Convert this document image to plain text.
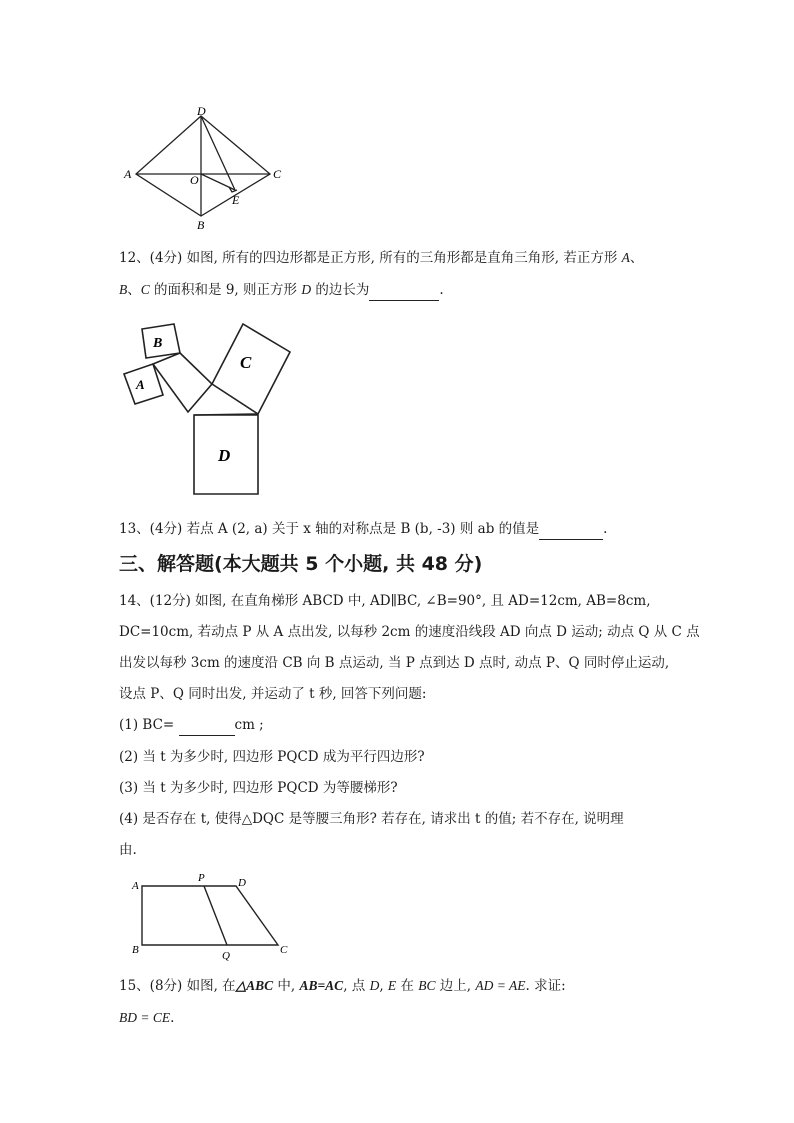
D
A	C
O
E
B
12、(4分) 如图, 所有的四边形都是正方形, 所有的三角形都是直角三角形, 若正方形 A、
B、C 的面积和是 9, 则正方形 D 的边长为	.
B
A
C
D
13、(4分) 若点 A (2, a) 关于 x 轴的对称点是 B (b, -3) 则 ab 的值是	.
三、解答题(本大题共 5 个小题, 共 48 分)
14、(12分) 如图, 在直角梯形 ABCD 中, AD∥BC, ∠B=90°, 且 AD=12cm, AB=8cm,
DC=10cm, 若动点 P 从 A 点出发, 以每秒 2cm 的速度沿线段 AD 向点 D 运动; 动点 Q 从 C 点
出发以每秒 3cm 的速度沿 CB 向 B 点运动, 当 P 点到达 D 点时, 动点 P、Q 同时停止运动,
设点 P、Q 同时出发, 并运动了 t 秒, 回答下列问题:
(1) BC=	cm ;
(2) 当 t 为多少时, 四边形 PQCD 成为平行四边形?
(3) 当 t 为多少时, 四边形 PQCD 为等腰梯形?
(4) 是否存在 t, 使得△DQC 是等腰三角形? 若存在, 请求出 t 的值; 若不存在, 说明理
由.
A
P	D
B	Q	C
15、(8分) 如图, 在△ABC 中, AB=AC, 点 D, E 在 BC 边上, AD = AE. 求证:
BD = CE.
